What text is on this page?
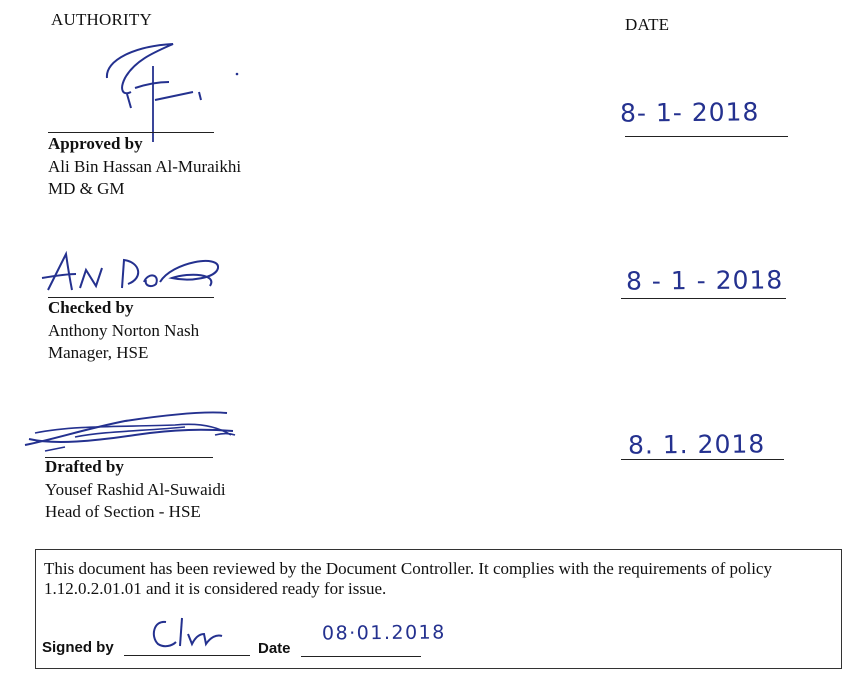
AUTHORITY	DATE
Approved by
Ali Bin Hassan Al-Muraikhi
MD & GM
8- 1- 2018
Checked by
Anthony Norton Nash
Manager, HSE
8 - 1 - 2018
Drafted by
Yousef Rashid Al-Suwaidi
Head of Section - HSE
8. 1. 2018
This document has been reviewed by the Document Controller. It complies with the requirements of policy 1.12.0.2.01.01 and it is considered ready for issue.
Signed by	Date
08·01.2018
